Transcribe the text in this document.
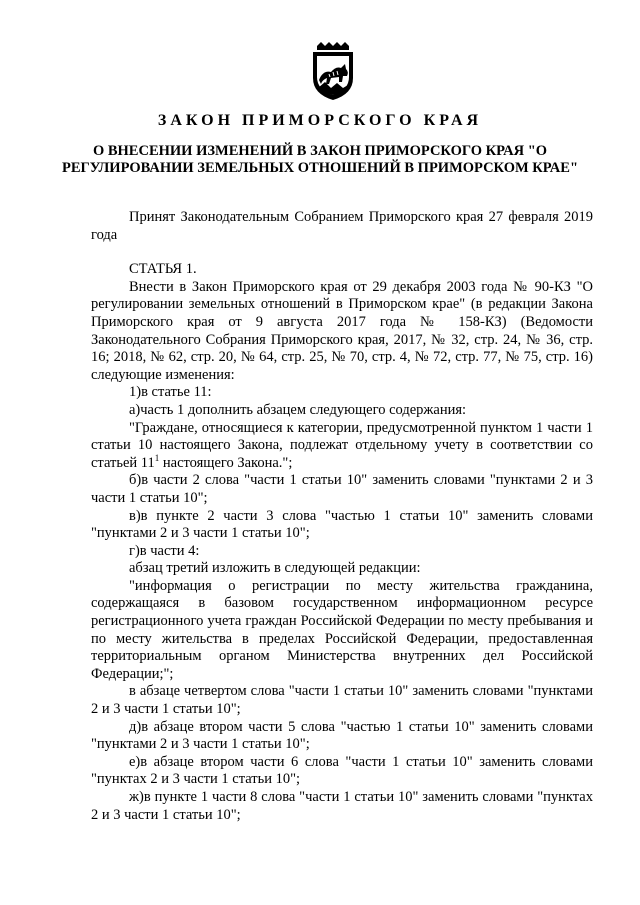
ЗАКОН ПРИМОРСКОГО КРАЯ
О ВНЕСЕНИИ ИЗМЕНЕНИЙ В ЗАКОН ПРИМОРСКОГО КРАЯ "О РЕГУЛИРОВАНИИ ЗЕМЕЛЬНЫХ ОТНОШЕНИЙ В ПРИМОРСКОМ КРАЕ"

Принят Законодательным Собранием Приморского края 27 февраля 2019 года

СТАТЬЯ 1.

Внести в Закон Приморского края от 29 декабря 2003 года № 90-КЗ "О регулировании земельных отношений в Приморском крае" (в редакции Закона Приморского края от 9 августа 2017 года № 158-КЗ) (Ведомости Законодательного Собрания Приморского края, 2017, № 32, стр. 24, № 36, стр. 16; 2018, № 62, стр. 20, № 64, стр. 25, № 70, стр. 4, № 72, стр. 77, № 75, стр. 16) следующие изменения:

1)в статье 11:

а)часть 1 дополнить абзацем следующего содержания:

"Граждане, относящиеся к категории, предусмотренной пунктом 1 части 1 статьи 10 настоящего Закона, подлежат отдельному учету в соответствии со статьей $11^1$ настоящего Закона.";

б)в части 2 слова "части 1 статьи 10" заменить словами "пунктами 2 и 3 части 1 статьи 10";

в)в пункте 2 части 3 слова "частью 1 статьи 10" заменить словами "пунктами 2 и 3 части 1 статьи 10";

г)в части 4:

абзац третий изложить в следующей редакции:

"информация о регистрации по месту жительства гражданина, содержащаяся в базовом государственном информационном ресурсе регистрационного учета граждан Российской Федерации по месту пребывания и по месту жительства в пределах Российской Федерации, предоставленная территориальным органом Министерства внутренних дел Российской Федерации;";

в абзаце четвертом слова "части 1 статьи 10" заменить словами "пунктами 2 и 3 части 1 статьи 10";

д)в абзаце втором части 5 слова "частью 1 статьи 10" заменить словами "пунктами 2 и 3 части 1 статьи 10";

е)в абзаце втором части 6 слова "части 1 статьи 10" заменить словами "пунктах 2 и 3 части 1 статьи 10";

ж)в пункте 1 части 8 слова "части 1 статьи 10" заменить словами "пунктах 2 и 3 части 1 статьи 10";
